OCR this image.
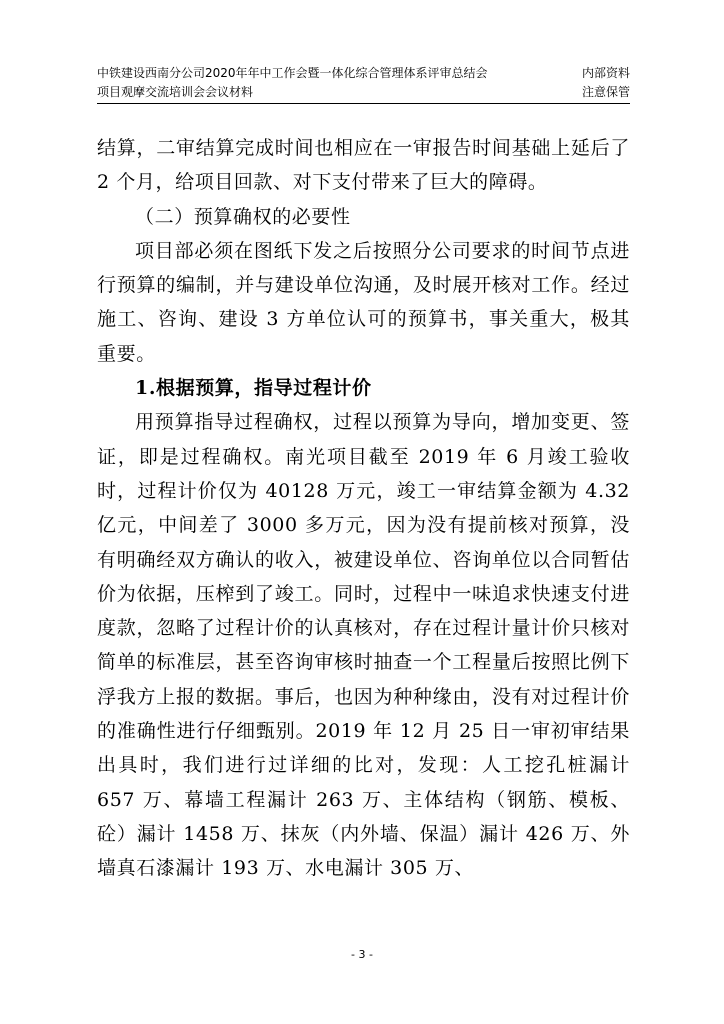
中铁建设西南分公司2020年年中工作会暨一体化综合管理体系评审总结会
项目观摩交流培训会会议材料
内部资料
注意保管

结算，二审结算完成时间也相应在一审报告时间基础上延后了 2 个月，给项目回款、对下支付带来了巨大的障碍。

（二）预算确权的必要性

项目部必须在图纸下发之后按照分公司要求的时间节点进行预算的编制，并与建设单位沟通，及时展开核对工作。经过施工、咨询、建设 3 方单位认可的预算书，事关重大，极其重要。

1.根据预算，指导过程计价

用预算指导过程确权，过程以预算为导向，增加变更、签证，即是过程确权。南光项目截至 2019 年 6 月竣工验收时，过程计价仅为 40128 万元，竣工一审结算金额为 4.32 亿元，中间差了 3000 多万元，因为没有提前核对预算，没有明确经双方确认的收入，被建设单位、咨询单位以合同暂估价为依据，压榨到了竣工。同时，过程中一味追求快速支付进度款，忽略了过程计价的认真核对，存在过程计量计价只核对简单的标准层，甚至咨询审核时抽查一个工程量后按照比例下浮我方上报的数据。事后，也因为种种缘由，没有对过程计价的准确性进行仔细甄别。2019 年 12 月 25 日一审初审结果出具时，我们进行过详细的比对，发现：人工挖孔桩漏计 657 万、幕墙工程漏计 263 万、主体结构（钢筋、模板、砼）漏计 1458 万、抹灰（内外墙、保温）漏计 426 万、外墙真石漆漏计 193 万、水电漏计 305 万、

- 3 -
